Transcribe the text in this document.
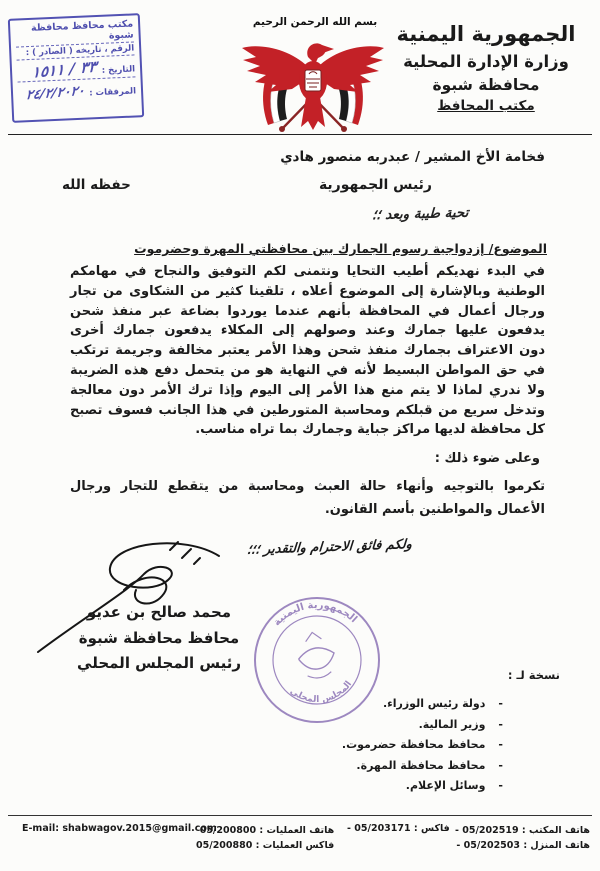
مكتب محافظ محافظة شبوة
الرقم ، تاريخه ( الصادر ) :
التاريخ : ٣٣ / ١٥١١
المرفقات : ٢٤/٢/٢٠٢٠
بسم الله الرحمن الرحيم الجمهورية اليمنية
وزارة الإدارة المحلية
محافظة شبوة
مكتب المحافظ
فخامة الأخ المشير / عبدربه منصور هادي
رئيس الجمهورية
حفظه الله
تحية طيبة وبعد ؛؛
الموضوع/ إزدواجية رسوم الجمارك بين محافظتي المهرة وحضرموت
في البدء نهديكم أطيب التحايا ونتمنى لكم التوفيق والنجاح في مهامكم
الوطنية وبالإشارة إلى الموضوع أعلاه ، تلقينا كثير من الشكاوى من تجار
ورجال أعمال في المحافظة بأنهم عندما يوردوا بضاعة عبر منفذ شحن
يدفعون عليها جمارك وعند وصولهم إلى المكلاء يدفعون جمارك أخرى
دون الاعتراف بجمارك منفذ شحن وهذا الأمر يعتبر مخالفة وجريمة ترتكب
في حق المواطن البسيط لأنه في النهاية هو من يتحمل دفع هذه الضريبة
ولا ندري لماذا لا يتم منع هذا الأمر إلى اليوم وإذا ترك الأمر دون معالجة
وتدخل سريع من قبلكم ومحاسبة المتورطين في هذا الجانب فسوف تصبح
كل محافظة لديها مراكز جباية وجمارك بما تراه مناسب.
وعلى ضوء ذلك :
تكرموا بالتوجيه وأنهاء حالة العبث ومحاسبة من يتقطع للتجار ورجال
الأعمال والمواطنين بأسم القانون.
ولكم فائق الاحترام والتقدير ؛؛؛
محمد صالح بن عديو
محافظ محافظة شبوة
رئيس المجلس المحلي
الجمهورية اليمنية
المجلس المحلي
نسخة لـ :
- دولة رئيس الوزراء.
- وزير المالية.
- محافظ محافظة حضرموت.
- محافظ محافظة المهرة.
- وسائل الإعلام.
E-mail: shabwagov.2015@gmail.com
هاتف العمليات : 05/200800
فاكس العمليات : 05/200880
فاكس : 05/203171 - هاتف المكتب : 05/202519 -
هاتف المنزل : 05/202503 -
